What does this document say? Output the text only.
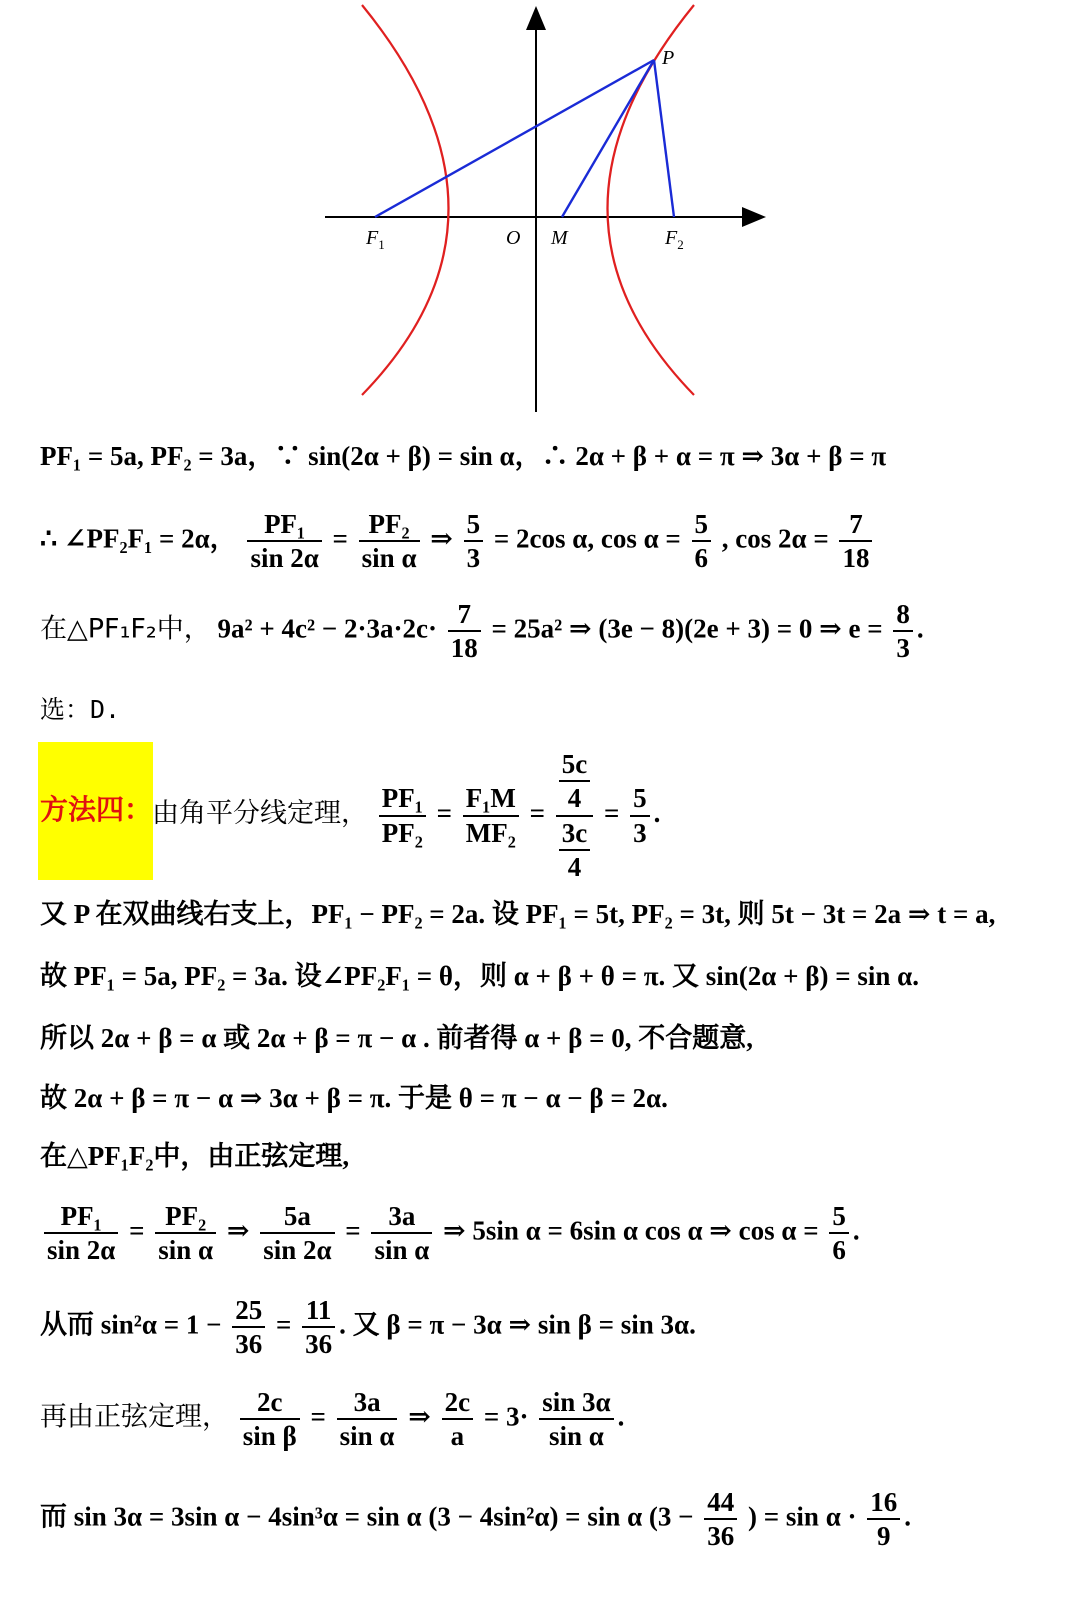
P
$F_1$	O M	$F_2$
PF₁ = 5a, PF₂ = 3a，∵ sin(2α + β) = sin α，∴ 2α + β + α = π ⇒ 3α + β = π
∴ ∠PF₂F₁ = 2α， $\frac{\text{PF₁}}{\sin 2\alpha} = \frac{\text{PF₂}}{\text{sin α}}$ ⇒ $\frac{5}{3} = 2\cos$ α, $\cos \alpha = \frac{5}{6}$ , $\cos 2\alpha = \frac{7}{18}$
在△PF₁F₂中， $9a^2 + 4c^2 - 2\cdot 3a\cdot 2c\cdot \frac{7}{18} = 25a^2$ ⇒ (3e − 8)(2e + 3) = 0 ⇒ $e = \frac{8}{3}$ .
选：D.
方法四： 由角平分线定理， $\frac{\text{PF₁}}{\text{PF₂}} = \frac{\text{F₁M}}{\text{MF₂}} = \frac{\frac{5c}{4}}{\frac{3c}{4}} = \frac{5}{3}$ .
又 P 在双曲线右支上，PF₁ − PF₂ = 2a. 设 PF₁ = 5t, PF₂ = 3t, 则 5t − 3t = 2a ⇒ t = a,
故 PF₁ = 5a, PF₂ = 3a. 设∠PF₂F₁ = θ，则 α + β + θ = π. 又 sin(2α + β) = sin α.
所以 2α + β = α 或 2α + β = π − α . 前者得 α + β = 0, 不合题意,
故 2α + β = π − α ⇒ 3α + β = π. 于是 θ = π − α − β = 2α.
在△PF₁F₂中，由正弦定理,
$\frac{\text{PF₁}}{\sin 2\alpha} = \frac{\text{PF₂}}{\text{sin α}}$ ⇒ $\frac{5a}{\sin 2\alpha} = \frac{3a}{\text{sin α}}$ ⇒ 5sin α = 6sin α cos α ⇒ $\cos \alpha = \frac{5}{6}$ .
从而 $\sin^2\alpha = 1 - \frac{25}{36} = \frac{11}{36}$ . 又 β = π − 3α ⇒ sin β = sin 3α.
再由正弦定理， $\frac{2c}{\text{sin β}} = \frac{3a}{\text{sin α}}$ ⇒ $\frac{2c}{a} = 3\cdot \frac{\sin 3\alpha}{\text{sin α}}$ .
而 sin 3α = 3sin α − 4sin³α = sin α (3 − 4sin²α) = sin α ($3 - \frac{44}{36}$ ) = $\sin \alpha \cdot \frac{16}{9}$ .
